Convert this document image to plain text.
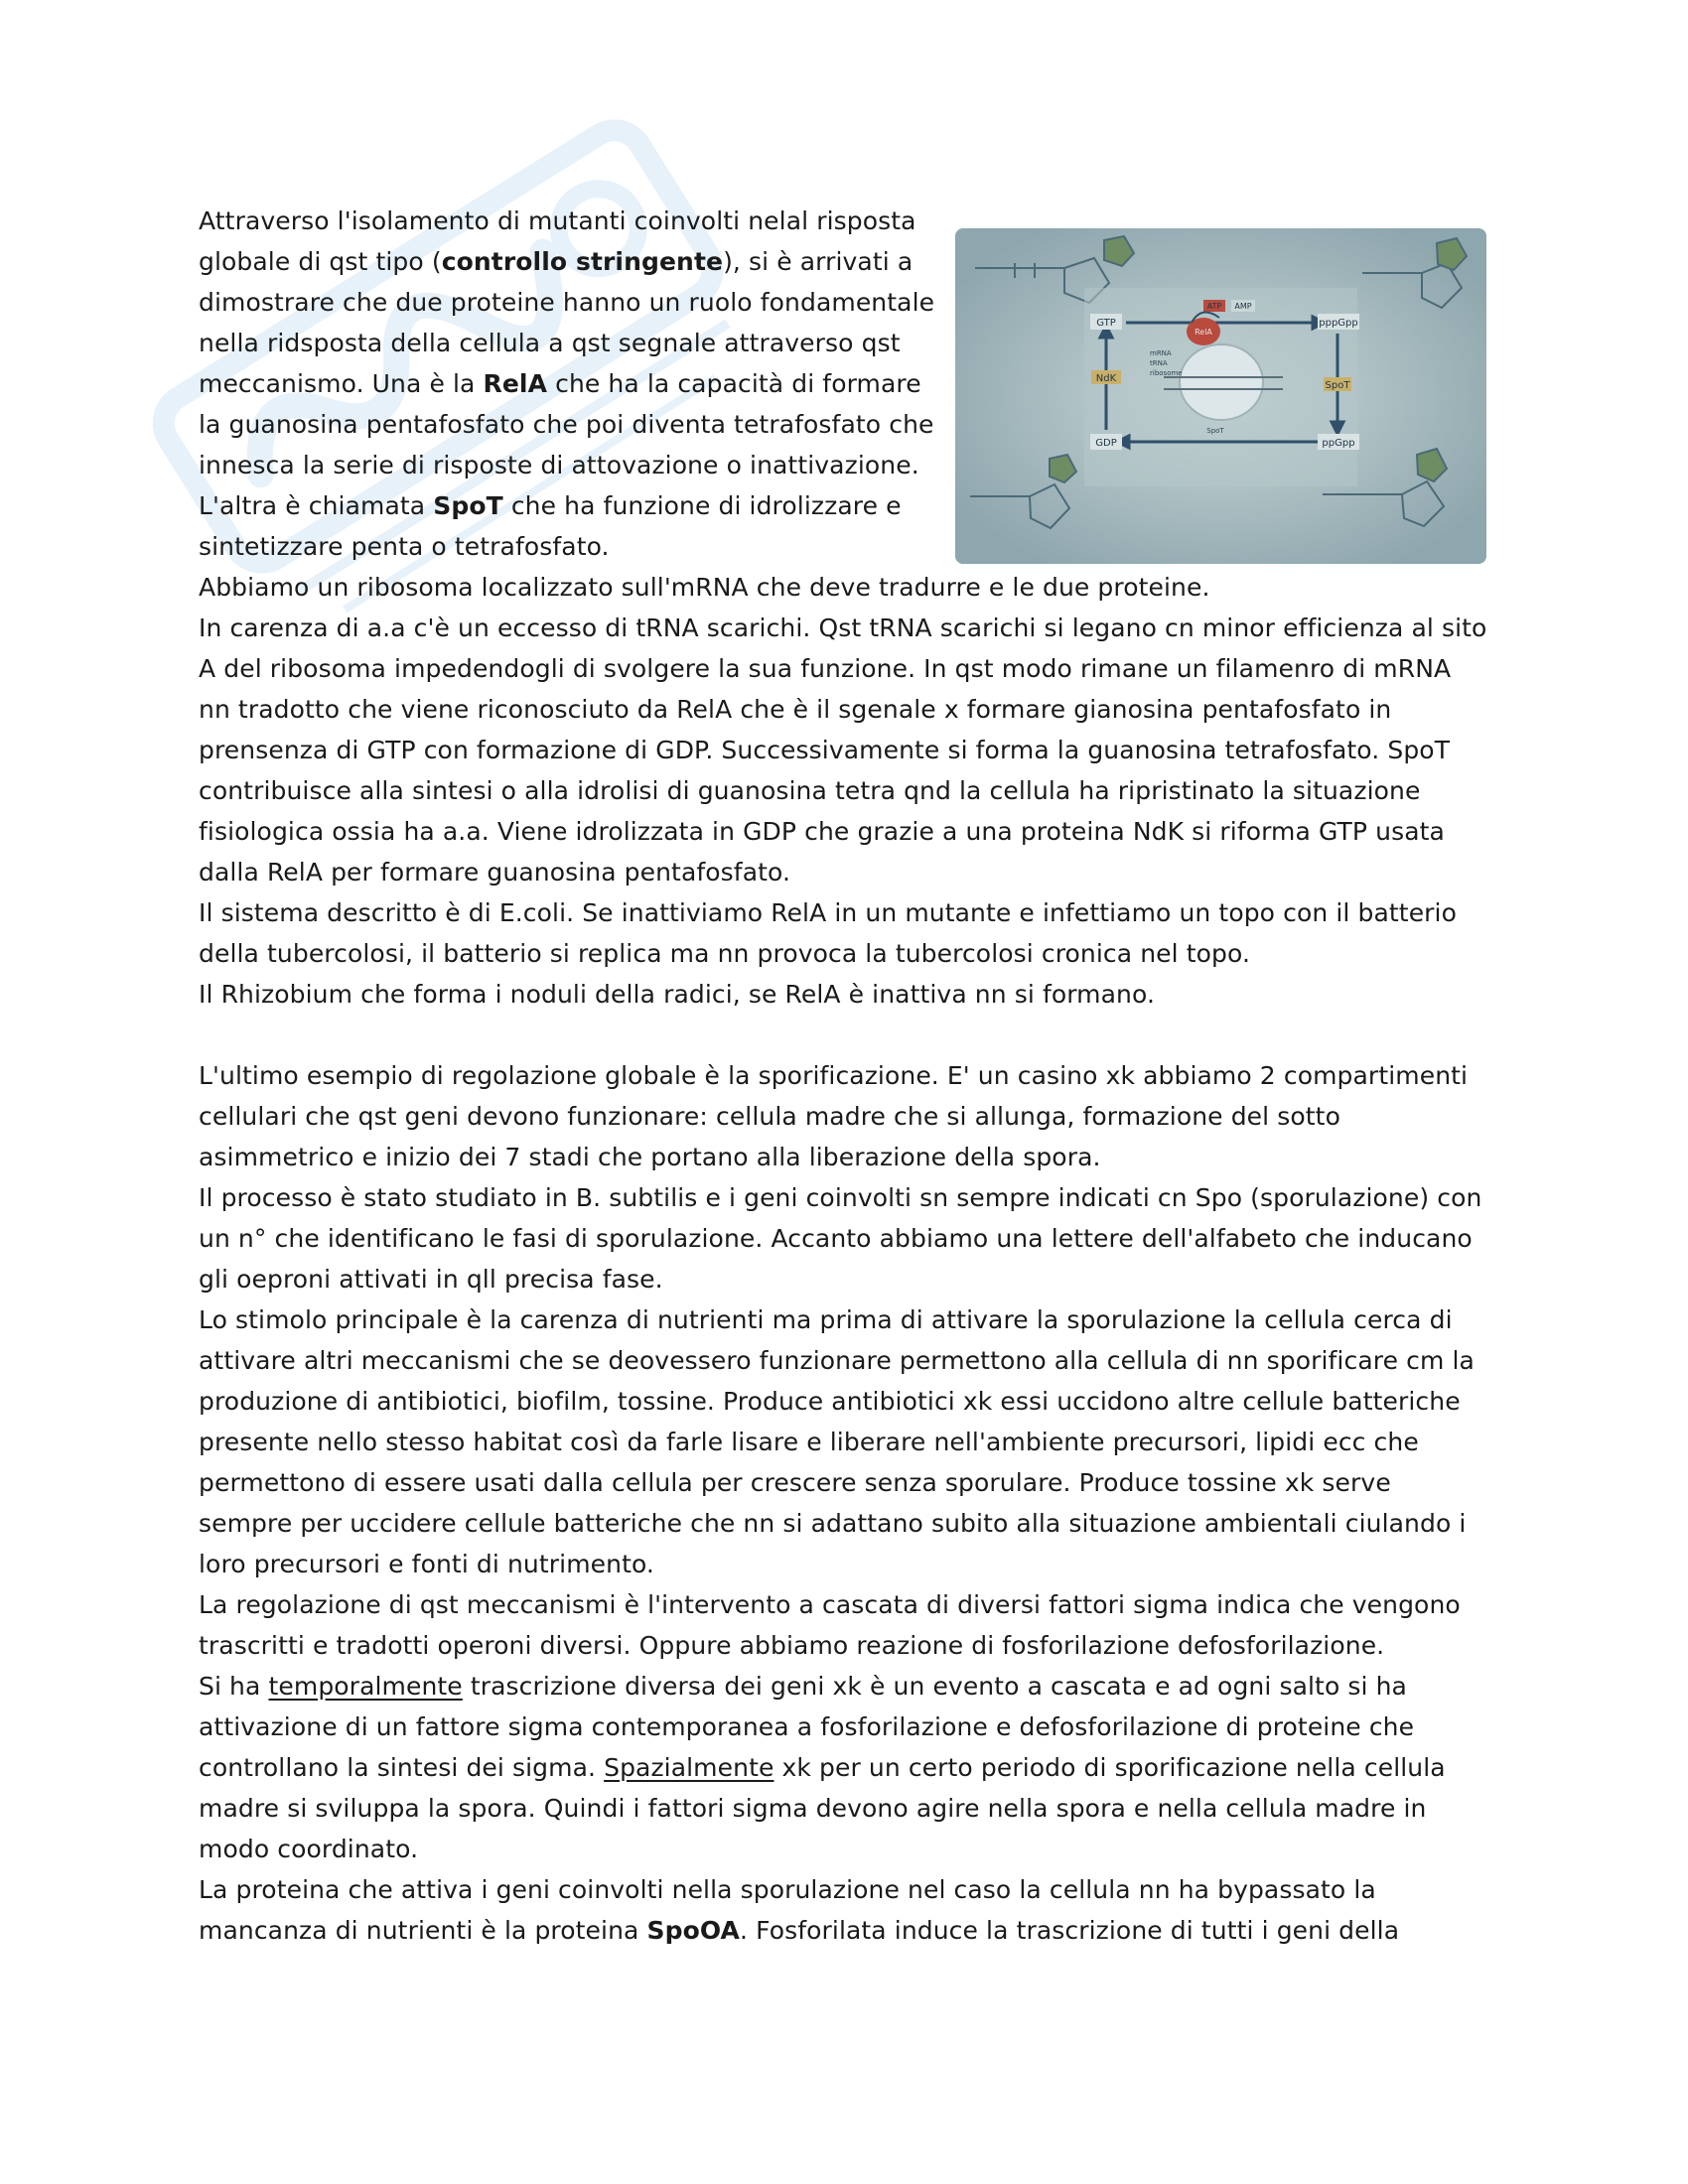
GTP
GDP
pppGpp
ppGpp
NdK
SpoT
ATP AMP
RelA
mRNA
tRNA
ribosome
SpoT

Attraverso l'isolamento di mutanti coinvolti nelal risposta globale di qst tipo (controllo stringente), si è arrivati a dimostrare che due proteine hanno un ruolo fondamentale nella ridsposta della cellula a qst segnale attraverso qst meccanismo. Una è la RelA che ha la capacità di formare la guanosina pentafosfato che poi diventa tetrafosfato che innesca la serie di risposte di attovazione o inattivazione. L'altra è chiamata SpoT che ha funzione di idrolizzare e sintetizzare penta o tetrafosfato.

Abbiamo un ribosoma localizzato sull'mRNA che deve tradurre e le due proteine.

In carenza di a.a c'è un eccesso di tRNA scarichi. Qst tRNA scarichi si legano cn minor efficienza al sito A del ribosoma impedendogli di svolgere la sua funzione. In qst modo rimane un filamenro di mRNA nn tradotto che viene riconosciuto da RelA che è il sgenale x formare gianosina pentafosfato in prensenza di GTP con formazione di GDP. Successivamente si forma la guanosina tetrafosfato. SpoT contribuisce alla sintesi o alla idrolisi di guanosina tetra qnd la cellula ha ripristinato la situazione fisiologica ossia ha a.a. Viene idrolizzata in GDP che grazie a una proteina NdK si riforma GTP usata dalla RelA per formare guanosina pentafosfato.

Il sistema descritto è di E.coli. Se inattiviamo RelA in un mutante e infettiamo un topo con il batterio della tubercolosi, il batterio si replica ma nn provoca la tubercolosi cronica nel topo.

Il Rhizobium che forma i noduli della radici, se RelA è inattiva nn si formano.

L'ultimo esempio di regolazione globale è la sporificazione. E' un casino xk abbiamo 2 compartimenti cellulari che qst geni devono funzionare: cellula madre che si allunga, formazione del sotto asimmetrico e inizio dei 7 stadi che portano alla liberazione della spora.

Il processo è stato studiato in B. subtilis e i geni coinvolti sn sempre indicati cn Spo (sporulazione) con un n° che identificano le fasi di sporulazione. Accanto abbiamo una lettere dell'alfabeto che inducano gli oeproni attivati in qll precisa fase.

Lo stimolo principale è la carenza di nutrienti ma prima di attivare la sporulazione la cellula cerca di attivare altri meccanismi che se deovessero funzionare permettono alla cellula di nn sporificare cm la produzione di antibiotici, biofilm, tossine. Produce antibiotici xk essi uccidono altre cellule batteriche presente nello stesso habitat così da farle lisare e liberare nell'ambiente precursori, lipidi ecc che permettono di essere usati dalla cellula per crescere senza sporulare. Produce tossine xk serve sempre per uccidere cellule batteriche che nn si adattano subito alla situazione ambientali ciulando i loro precursori e fonti di nutrimento.

La regolazione di qst meccanismi è l'intervento a cascata di diversi fattori sigma indica che vengono trascritti e tradotti operoni diversi. Oppure abbiamo reazione di fosforilazione defosforilazione.

Si ha temporalmente trascrizione diversa dei geni xk è un evento a cascata e ad ogni salto si ha attivazione di un fattore sigma contemporanea a fosforilazione e defosforilazione di proteine che controllano la sintesi dei sigma. Spazialmente xk per un certo periodo di sporificazione nella cellula madre si sviluppa la spora. Quindi i fattori sigma devono agire nella spora e nella cellula madre in modo coordinato.

La proteina che attiva i geni coinvolti nella sporulazione nel caso la cellula nn ha bypassato la mancanza di nutrienti è la proteina SpoOA. Fosforilata induce la trascrizione di tutti i geni della
